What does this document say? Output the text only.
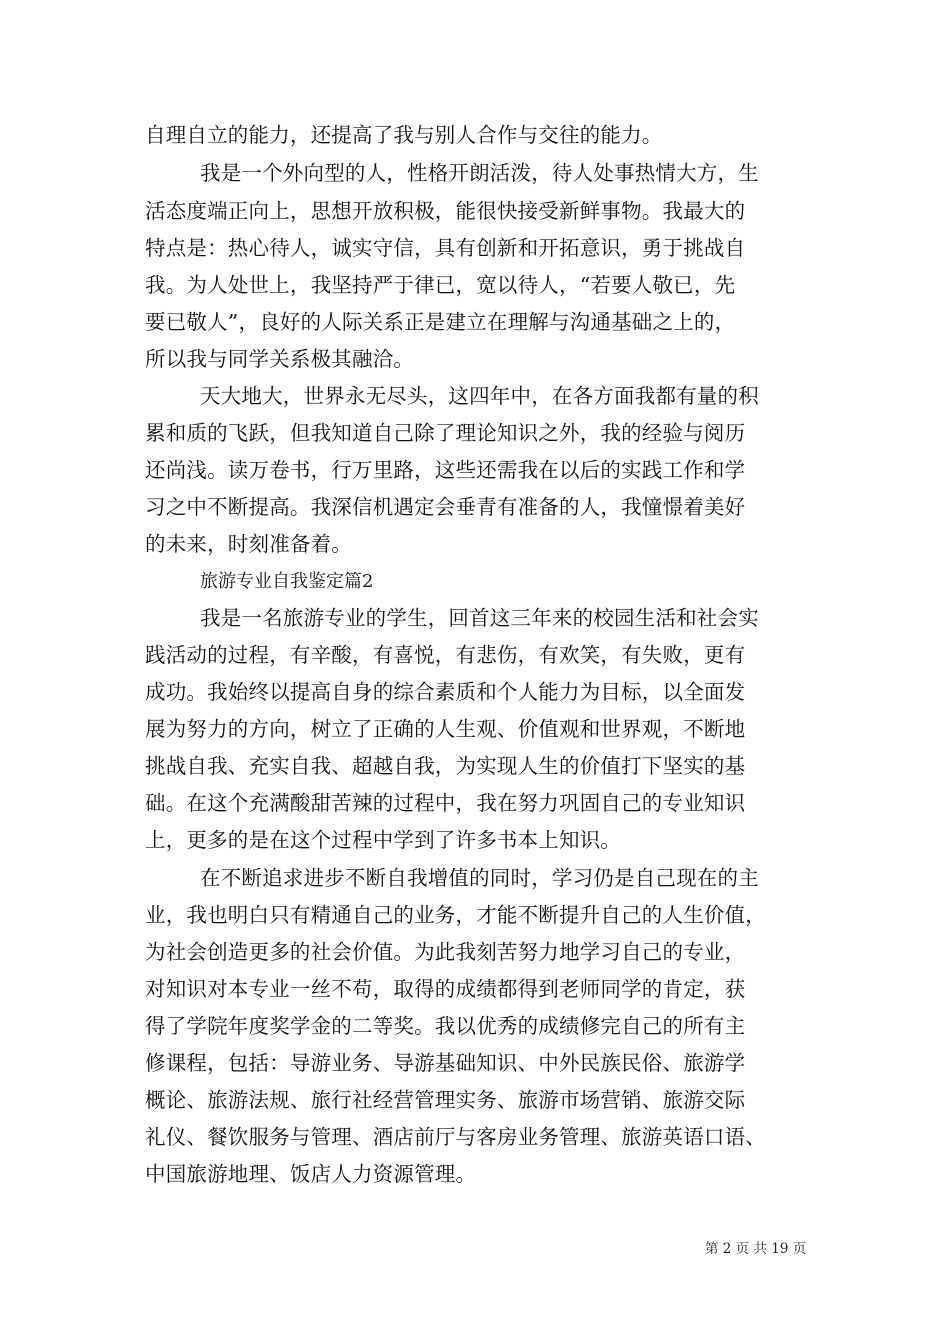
自理自立的能力，还提高了我与别人合作与交往的能力。
我是一个外向型的人，性格开朗活泼，待人处事热情大方，生
活态度端正向上，思想开放积极，能很快接受新鲜事物。我最大的
特点是：热心待人，诚实守信，具有创新和开拓意识，勇于挑战自
我。为人处世上，我坚持严于律已，宽以待人，“若要人敬已，先
要已敬人”，良好的人际关系正是建立在理解与沟通基础之上的，
所以我与同学关系极其融洽。
天大地大，世界永无尽头，这四年中，在各方面我都有量的积
累和质的飞跃，但我知道自己除了理论知识之外，我的经验与阅历
还尚浅。读万卷书，行万里路，这些还需我在以后的实践工作和学
习之中不断提高。我深信机遇定会垂青有准备的人，我憧憬着美好
的未来，时刻准备着。
旅游专业自我鉴定篇2
我是一名旅游专业的学生，回首这三年来的校园生活和社会实
践活动的过程，有辛酸，有喜悦，有悲伤，有欢笑，有失败，更有
成功。我始终以提高自身的综合素质和个人能力为目标，以全面发
展为努力的方向，树立了正确的人生观、价值观和世界观，不断地
挑战自我、充实自我、超越自我，为实现人生的价值打下坚实的基
础。在这个充满酸甜苦辣的过程中，我在努力巩固自己的专业知识
上，更多的是在这个过程中学到了许多书本上知识。
在不断追求进步不断自我增值的同时，学习仍是自己现在的主
业，我也明白只有精通自己的业务，才能不断提升自己的人生价值，
为社会创造更多的社会价值。为此我刻苦努力地学习自己的专业，
对知识对本专业一丝不苟，取得的成绩都得到老师同学的肯定，获
得了学院年度奖学金的二等奖。我以优秀的成绩修完自己的所有主
修课程，包括：导游业务、导游基础知识、中外民族民俗、旅游学
概论、旅游法规、旅行社经营管理实务、旅游市场营销、旅游交际
礼仪、餐饮服务与管理、酒店前厅与客房业务管理、旅游英语口语、
中国旅游地理、饭店人力资源管理。
第 2 页 共 19 页
